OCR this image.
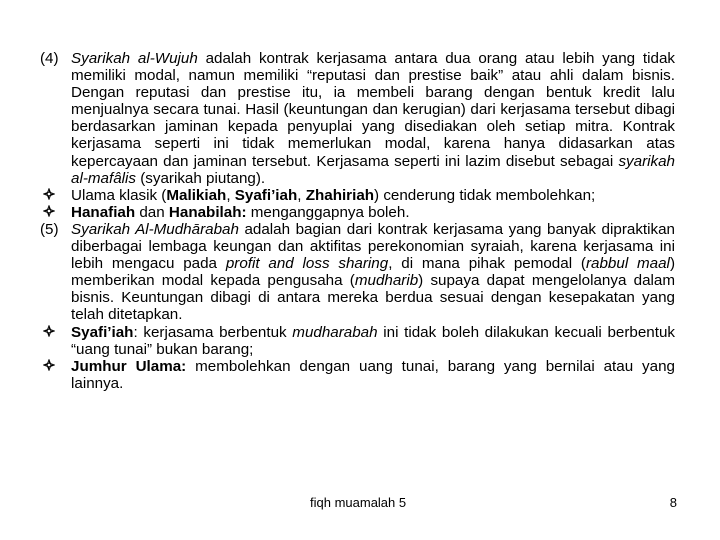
(4) Syarikah al-Wujuh adalah kontrak kerjasama antara dua orang atau lebih yang tidak memiliki modal, namun memiliki “reputasi dan prestise baik” atau ahli dalam bisnis. Dengan reputasi dan prestise itu, ia membeli barang dengan bentuk kredit lalu menjualnya secara tunai. Hasil (keuntungan dan kerugian) dari kerjasama tersebut dibagi berdasarkan jaminan kepada penyuplai yang disediakan oleh setiap mitra. Kontrak kerjasama seperti ini tidak memerlukan modal, karena hanya didasarkan atas kepercayaan dan jaminan tersebut. Kerjasama seperti ini lazim disebut sebagai syarikah al-mafâlis (syarikah piutang).
Ulama klasik (Malikiah, Syafi’iah, Zhahiriah) cenderung tidak membolehkan;
Hanafiah dan Hanabilah: menganggapnya boleh.
(5) Syarikah Al-Mudhārabah adalah bagian dari kontrak kerjasama yang banyak dipraktikan diberbagai lembaga keungan dan aktifitas perekonomian syraiah, karena kerjasama ini lebih mengacu pada profit and loss sharing, di mana pihak pemodal (rabbul maal) memberikan modal kepada pengusaha (mudharib) supaya dapat mengelolanya dalam bisnis. Keuntungan dibagi di antara mereka berdua sesuai dengan kesepakatan yang telah ditetapkan.
Syafi’iah: kerjasama berbentuk mudharabah ini tidak boleh dilakukan kecuali berbentuk “uang tunai” bukan barang;
Jumhur Ulama: membolehkan dengan uang tunai, barang yang bernilai atau yang lainnya.
fiqh muamalah 5	8
